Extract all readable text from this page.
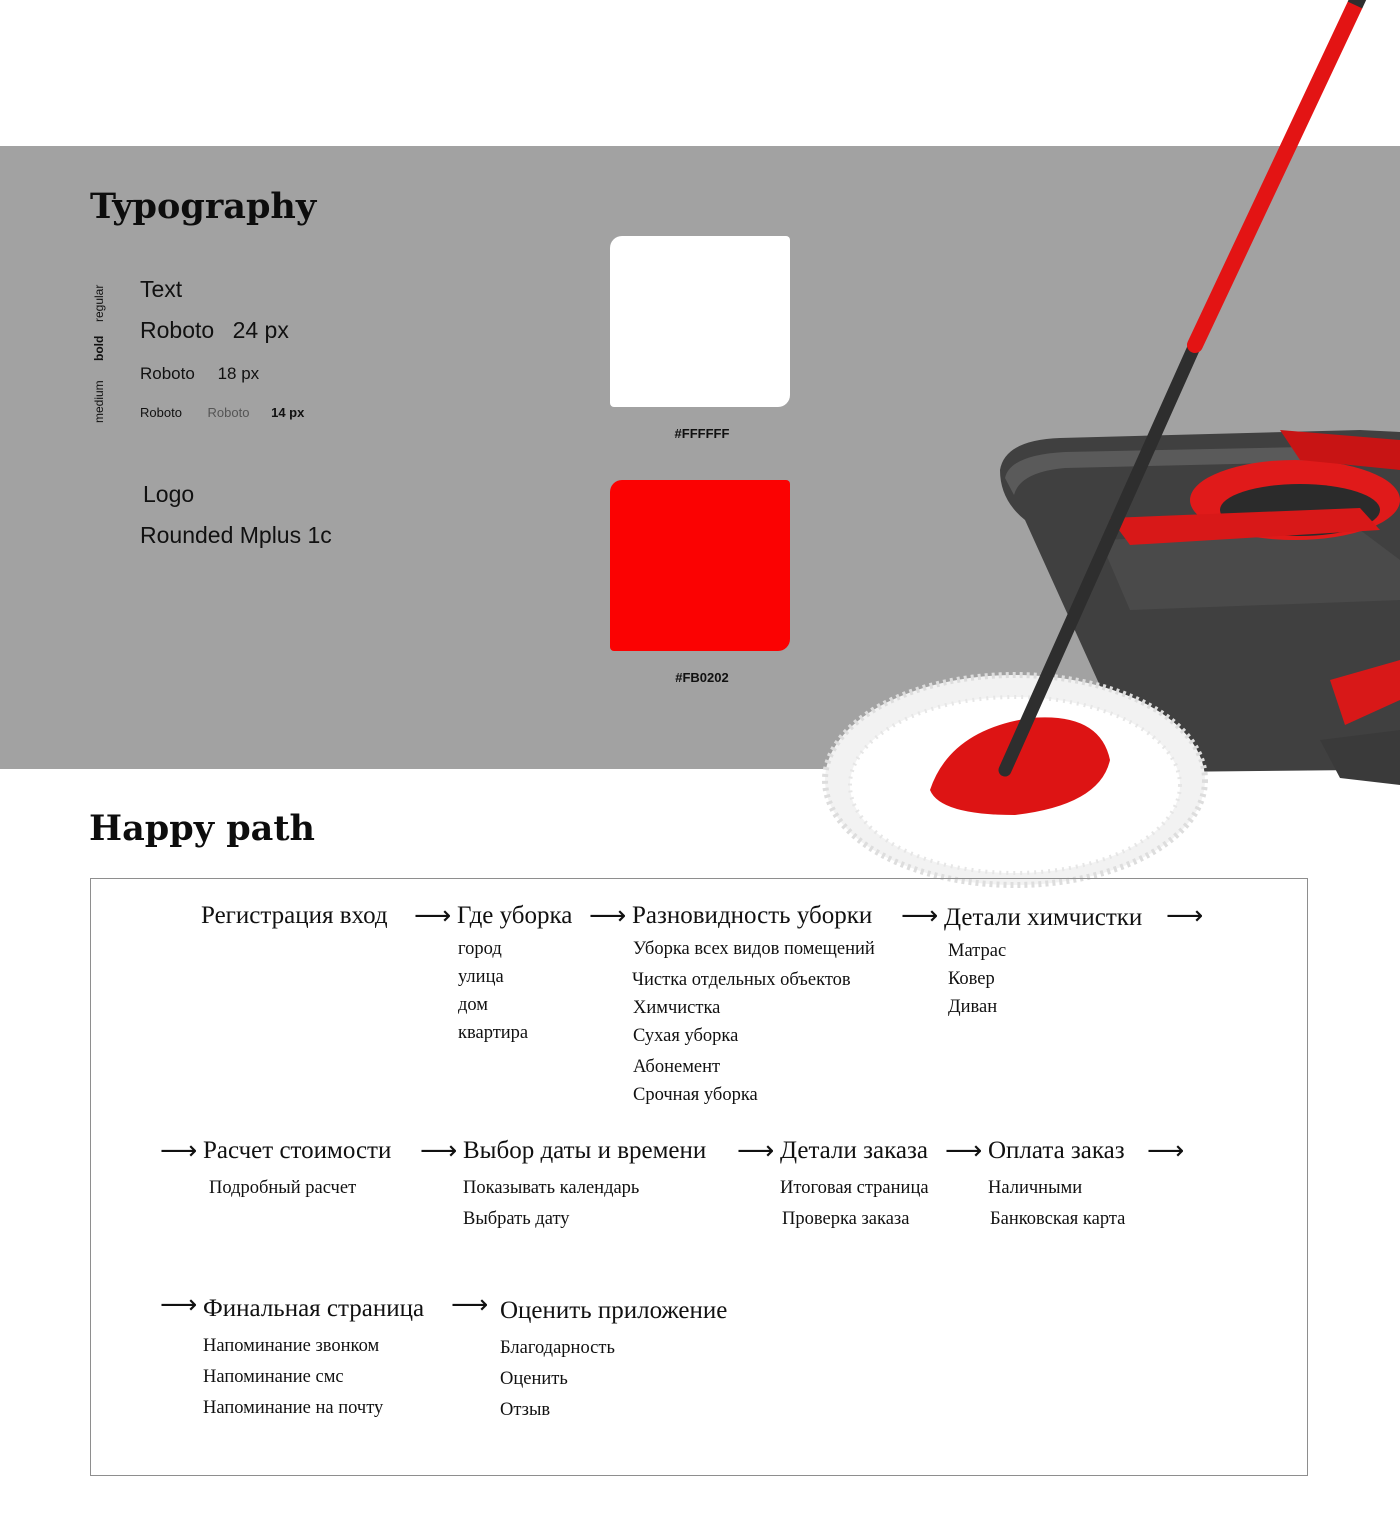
Typography
regular
bold
medium
Text
Roboto 24 px
Roboto 18 px
Roboto Roboto 14 px
Logo
Rounded Mplus 1c
#FFFFFF
#FB0202
Happy path
Регистрация вход ⟶ Где уборка
город
улица
дом
квартира
⟶ Разновидность уборки
Уборка всех видов помещений
Чистка отдельных объектов
Химчистка
Сухая уборка
Абонемент
Срочная уборка
⟶ Детали химчистки
Матрас
Ковер
Диван
⟶
⟶ Расчет стоимости
Подробный расчет
⟶ Выбор даты и времени
Показывать календарь
Выбрать дату
⟶ Детали заказа
Итоговая страница
Проверка заказа
⟶ Оплата заказ
Наличными
Банковская карта
⟶
⟶ Финальная страница
Напоминание звонком
Напоминание смс
Напоминание на почту
⟶ Оценить приложение
Благодарность
Оценить
Отзыв
